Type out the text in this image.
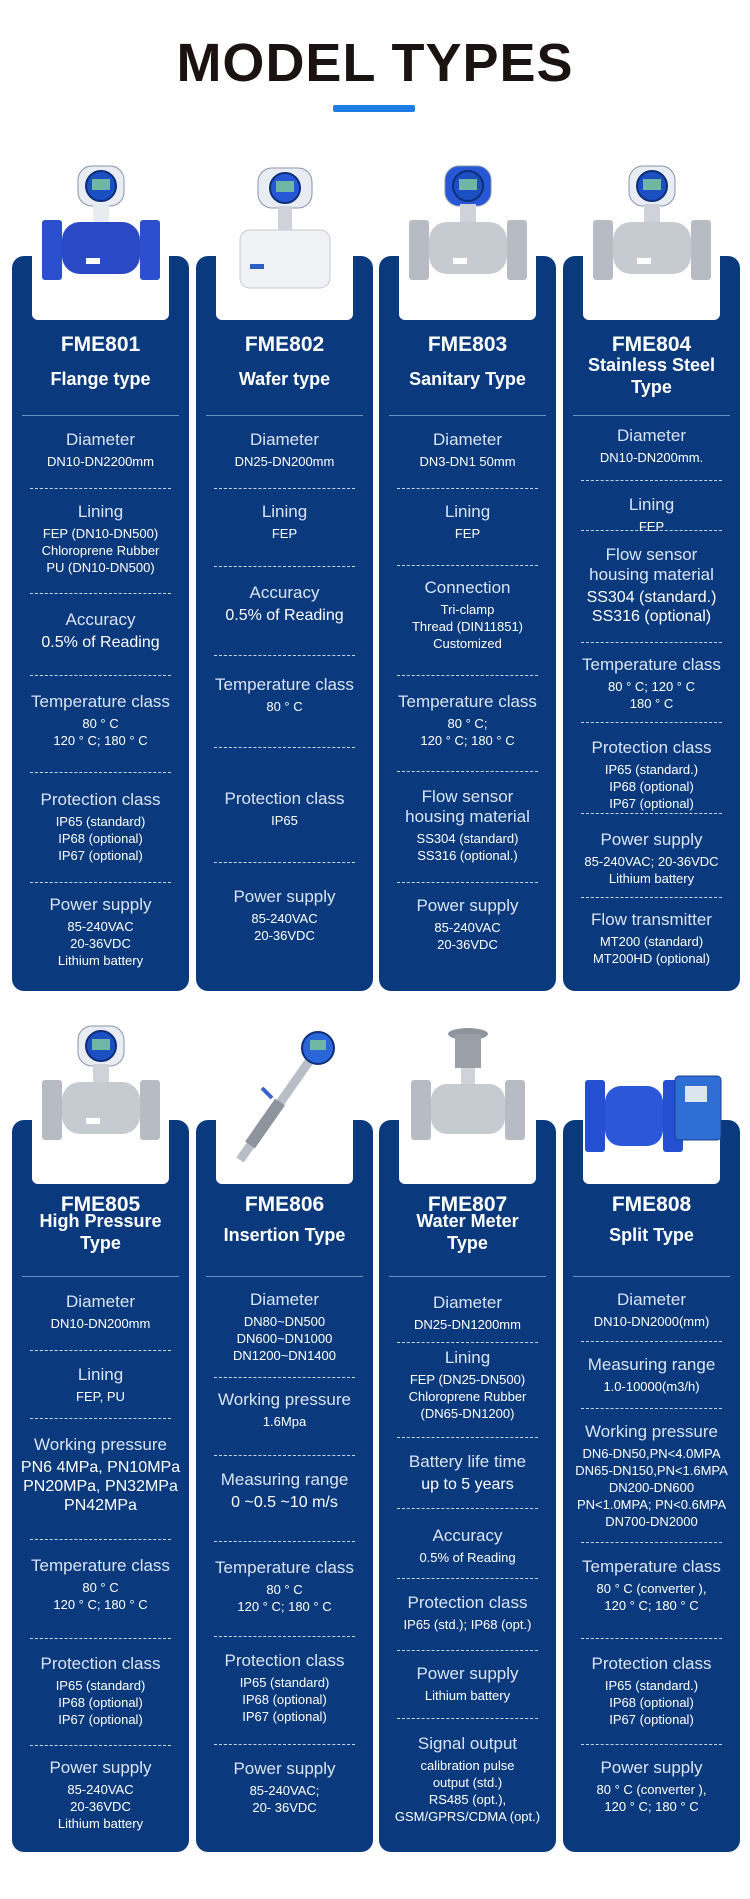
MODEL TYPES
FME801
Flange type
Diameter
DN10-DN2200mm
Lining
FEP (DN10-DN500)
Chloroprene Rubber
PU (DN10-DN500)
Accuracy
0.5% of Reading
Temperature class
80 ° C
120 ° C; 180 ° C
Protection class
IP65 (standard)
IP68 (optional)
IP67 (optional)
Power supply
85-240VAC
20-36VDC
Lithium battery
FME802
Wafer type
Diameter
DN25-DN200mm
Lining
FEP
Accuracy
0.5% of Reading
Temperature class
80 ° C
Protection class
IP65
Power supply
85-240VAC
20-36VDC
FME803
Sanitary Type
Diameter
DN3-DN1 50mm
Lining
FEP
Connection
Tri-clamp
Thread (DIN11851)
Customized
Temperature class
80 ° C;
120 ° C; 180 ° C
Flow sensor
housing material
SS304 (standard)
SS316 (optional.)
Power supply
85-240VAC
20-36VDC
FME804
Stainless Steel
Type
Diameter
DN10-DN200mm.
Lining
FEP
Flow sensor
housing material
SS304 (standard.)
SS316 (optional)
Temperature class
80 ° C; 120 ° C
180 ° C
Protection class
IP65 (standard.)
IP68 (optional)
IP67 (optional)
Power supply
85-240VAC; 20-36VDC
Lithium battery
Flow transmitter
MT200 (standard)
MT200HD (optional)
FME805
High Pressure
Type
Diameter
DN10-DN200mm
Lining
FEP, PU
Working pressure
PN6 4MPa, PN10MPa
PN20MPa, PN32MPa
PN42MPa
Temperature class
80 ° C
120 ° C; 180 ° C
Protection class
IP65 (standard)
IP68 (optional)
IP67 (optional)
Power supply
85-240VAC
20-36VDC
Lithium battery
FME806
Insertion Type
Diameter
DN80~DN500
DN600~DN1000
DN1200~DN1400
Working pressure
1.6Mpa
Measuring range
0 ~0.5 ~10 m/s
Temperature class
80 ° C
120 ° C; 180 ° C
Protection class
IP65 (standard)
IP68 (optional)
IP67 (optional)
Power supply
85-240VAC;
20- 36VDC
FME807
Water Meter
Type
Diameter
DN25-DN1200mm
Lining
FEP (DN25-DN500)
Chloroprene Rubber
(DN65-DN1200)
Battery life time
up to 5 years
Accuracy
0.5% of Reading
Protection class
IP65 (std.); IP68 (opt.)
Power supply
Lithium battery
Signal output
calibration pulse
output (std.)
RS485 (opt.),
GSM/GPRS/CDMA (opt.)
FME808
Split Type
Diameter
DN10-DN2000(mm)
Measuring range
1.0-10000(m3/h)
Working pressure
DN6-DN50,PN<4.0MPA
DN65-DN150,PN<1.6MPA
DN200-DN600
PN<1.0MPA; PN<0.6MPA
DN700-DN2000
Temperature class
80 ° C (converter ),
120 ° C; 180 ° C
Protection class
IP65 (standard.)
IP68 (optional)
IP67 (optional)
Power supply
80 ° C (converter ),
120 ° C; 180 ° C
